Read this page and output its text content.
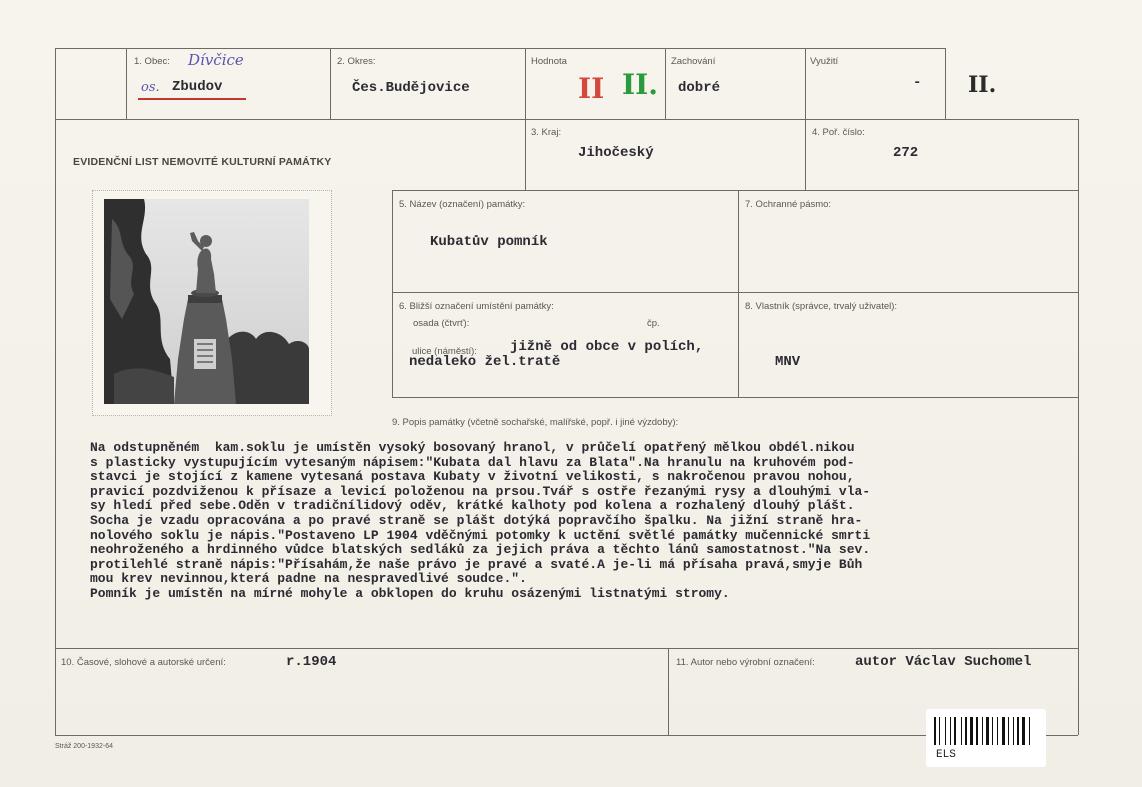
1. Obec: Dívčice
os. Zbudov
2. Okres:
Čes.Budějovice
Hodnota
II II.
Zachování
dobré
Využití
- II.
EVIDENČNÍ LIST NEMOVITÉ KULTURNÍ PAMÁTKY
3. Kraj:
Jihočeský
4. Poř. číslo:
272
5. Název (označení) památky:
Kubatův pomník
7. Ochranné pásmo:
6. Bližší označení umístění památky:
osada (čtvrť):	čp.
ulice (náměstí): jižně od obce v polích,
nedaleko žel.tratě
8. Vlastník (správce, trvalý uživatel):
MNV
9. Popis památky (včetně sochařské, malířské, popř. i jiné výzdoby):
Na odstupněném  kam.soklu je umístěn vysoký bosovaný hranol, v průčelí opatřený mělkou obdél.nikou
s plasticky vystupujícím vytesaným nápisem:"Kubata dal hlavu za Blata".Na hranulu na kruhovém pod-
stavci je stojící z kamene vytesaná postava Kubaty v životní velikosti, s nakročenou pravou nohou,
pravicí pozdviženou k přísaze a levicí položenou na prsou.Tvář s ostře řezanými rysy a dlouhými vla-
sy hledí před sebe.Oděn v tradičnílidový oděv, krátké kalhoty pod kolena a rozhalený dlouhý plášt.
Socha je vzadu opracována a po pravé straně se plášt dotýká popravčího špalku. Na jižní straně hra-
nolového soklu je nápis."Postaveno LP 1904 vděčnými potomky k uctění světlé památky mučennické smrti
neohroženého a hrdinného vůdce blatských sedláků za jejich práva a těchto lánů samostatnost."Na sev.
protilehlé straně nápis:"Přísahám,že naše právo je pravé a svaté.A je-li má přísaha pravá,smyje Bůh
mou krev nevinnou,která padne na nespravedlivé soudce.".
Pomník je umístěn na mírné mohyle a obklopen do kruhu osázenými listnatými stromy.
10. Časové, slohové a autorské určení:	r.1904	11. Autor nebo výrobní označení:	autor Václav Suchomel
ELS
Stráž 200-1932-64
